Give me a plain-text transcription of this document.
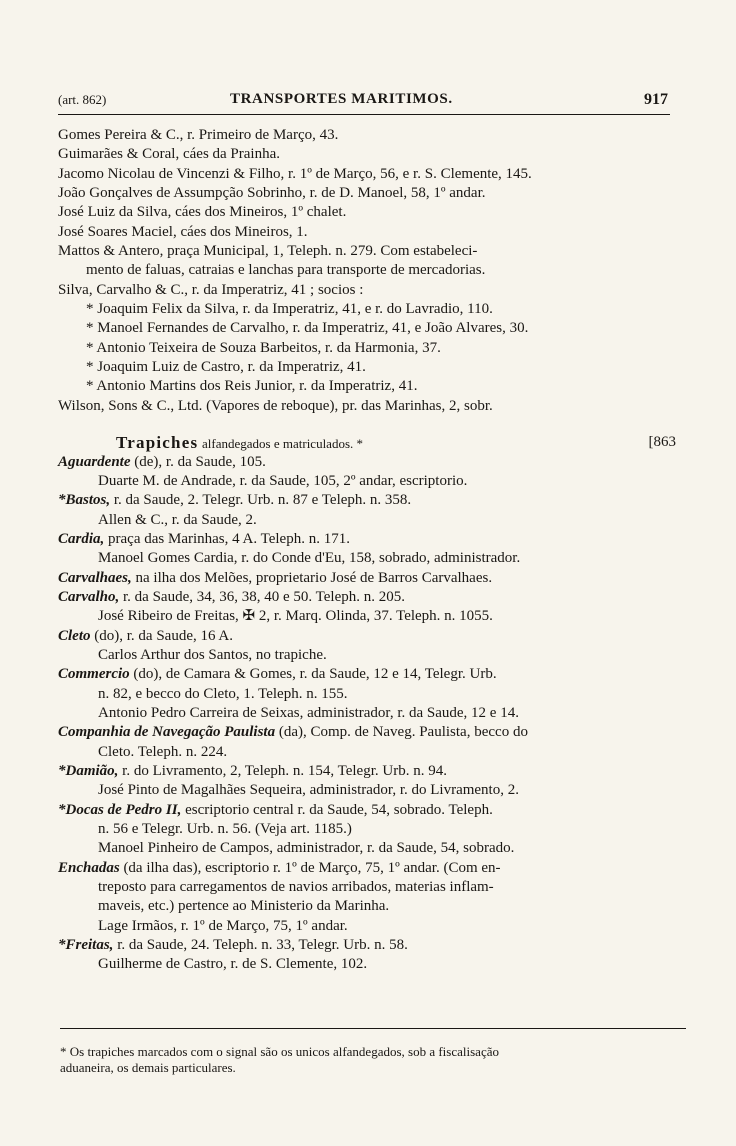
(art. 862)	TRANSPORTES MARITIMOS.	917
Gomes Pereira & C., r. Primeiro de Março, 43.
Guimarães & Coral, cáes da Prainha.
Jacomo Nicolau de Vincenzi & Filho, r. 1º de Março, 56, e r. S. Clemente, 145.
João Gonçalves de Assumpção Sobrinho, r. de D. Manoel, 58, 1º andar.
José Luiz da Silva, cáes dos Mineiros, 1º chalet.
José Soares Maciel, cáes dos Mineiros, 1.
Mattos & Antero, praça Municipal, 1, Teleph. n. 279. Com estabeleci-
mento de faluas, catraias e lanchas para transporte de mercadorias.
Silva, Carvalho & C., r. da Imperatriz, 41 ; socios :
* Joaquim Felix da Silva, r. da Imperatriz, 41, e r. do Lavradio, 110.
* Manoel Fernandes de Carvalho, r. da Imperatriz, 41, e João Alvares, 30.
* Antonio Teixeira de Souza Barbeitos, r. da Harmonia, 37.
* Joaquim Luiz de Castro, r. da Imperatriz, 41.
* Antonio Martins dos Reis Junior, r. da Imperatriz, 41.
Wilson, Sons & C., Ltd. (Vapores de reboque), pr. das Marinhas, 2, sobr.
Trapiches alfandegados e matriculados. *	[863
Aguardente (de), r. da Saude, 105.
Duarte M. de Andrade, r. da Saude, 105, 2º andar, escriptorio.
*Bastos, r. da Saude, 2. Telegr. Urb. n. 87 e Teleph. n. 358.
Allen & C., r. da Saude, 2.
Cardia, praça das Marinhas, 4 A. Teleph. n. 171.
Manoel Gomes Cardia, r. do Conde d'Eu, 158, sobrado, administrador.
Carvalhaes, na ilha dos Melões, proprietario José de Barros Carvalhaes.
Carvalho, r. da Saude, 34, 36, 38, 40 e 50. Teleph. n. 205.
José Ribeiro de Freitas, ✠ 2, r. Marq. Olinda, 37. Teleph. n. 1055.
Cleto (do), r. da Saude, 16 A.
Carlos Arthur dos Santos, no trapiche.
Commercio (do), de Camara & Gomes, r. da Saude, 12 e 14, Telegr. Urb.
n. 82, e becco do Cleto, 1. Teleph. n. 155.
Antonio Pedro Carreira de Seixas, administrador, r. da Saude, 12 e 14.
Companhia de Navegação Paulista (da), Comp. de Naveg. Paulista, becco do
Cleto. Teleph. n. 224.
*Damião, r. do Livramento, 2, Teleph. n. 154, Telegr. Urb. n. 94.
José Pinto de Magalhães Sequeira, administrador, r. do Livramento, 2.
*Docas de Pedro II, escriptorio central r. da Saude, 54, sobrado. Teleph.
n. 56 e Telegr. Urb. n. 56. (Veja art. 1185.)
Manoel Pinheiro de Campos, administrador, r. da Saude, 54, sobrado.
Enchadas (da ilha das), escriptorio r. 1º de Março, 75, 1º andar. (Com en-
treposto para carregamentos de navios arribados, materias inflam-
maveis, etc.) pertence ao Ministerio da Marinha.
Lage Irmãos, r. 1º de Março, 75, 1º andar.
*Freitas, r. da Saude, 24. Teleph. n. 33, Telegr. Urb. n. 58.
Guilherme de Castro, r. de S. Clemente, 102.
* Os trapiches marcados com o signal são os unicos alfandegados, sob a fiscalisação
aduaneira, os demais particulares.
